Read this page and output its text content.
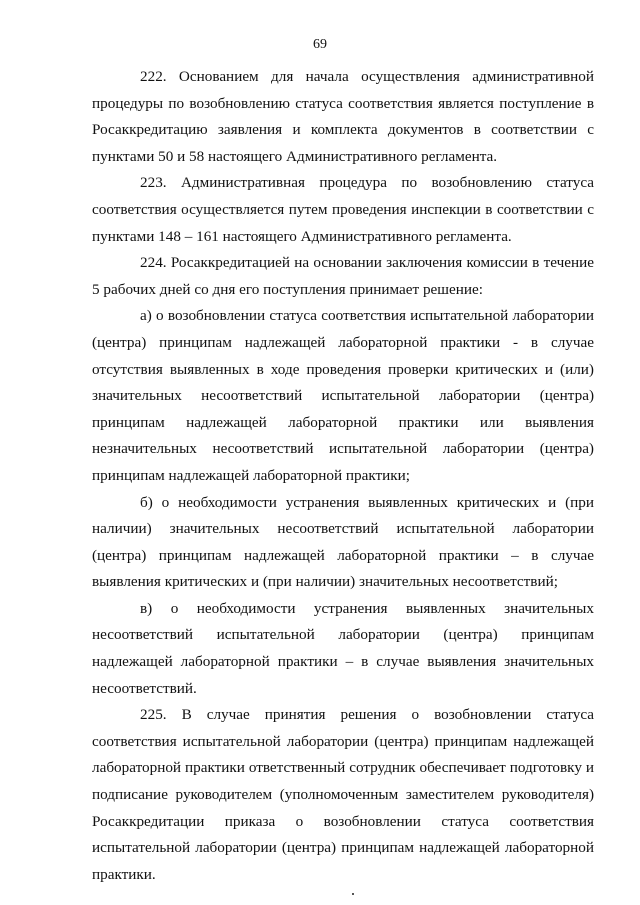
69

222. Основанием для начала осуществления административной процедуры по возобновлению статуса соответствия является поступление в Росаккредитацию заявления и комплекта документов в соответствии с пунктами 50 и 58 настоящего Административного регламента.

223. Административная процедура по возобновлению статуса соответствия осуществляется путем проведения инспекции в соответствии с пунктами 148 – 161 настоящего Административного регламента.

224. Росаккредитацией на основании заключения комиссии в течение 5 рабочих дней со дня его поступления принимает решение:

а) о возобновлении статуса соответствия испытательной лаборатории (центра) принципам надлежащей лабораторной практики - в случае отсутствия выявленных в ходе проведения проверки критических и (или) значительных несоответствий испытательной лаборатории (центра) принципам надлежащей лабораторной практики или выявления незначительных несоответствий испытательной лаборатории (центра) принципам надлежащей лабораторной практики;

б) о необходимости устранения выявленных критических и (при наличии) значительных несоответствий испытательной лаборатории (центра) принципам надлежащей лабораторной практики – в случае выявления критических и (при наличии) значительных несоответствий;

в) о необходимости устранения выявленных значительных несоответствий испытательной лаборатории (центра) принципам надлежащей лабораторной практики – в случае выявления значительных несоответствий.

225. В случае принятия решения о возобновлении статуса соответствия испытательной лаборатории (центра) принципам надлежащей лабораторной практики ответственный сотрудник обеспечивает подготовку и подписание руководителем (уполномоченным заместителем руководителя) Росаккредитации приказа о возобновлении статуса соответствия испытательной лаборатории (центра) принципам надлежащей лабораторной практики.
